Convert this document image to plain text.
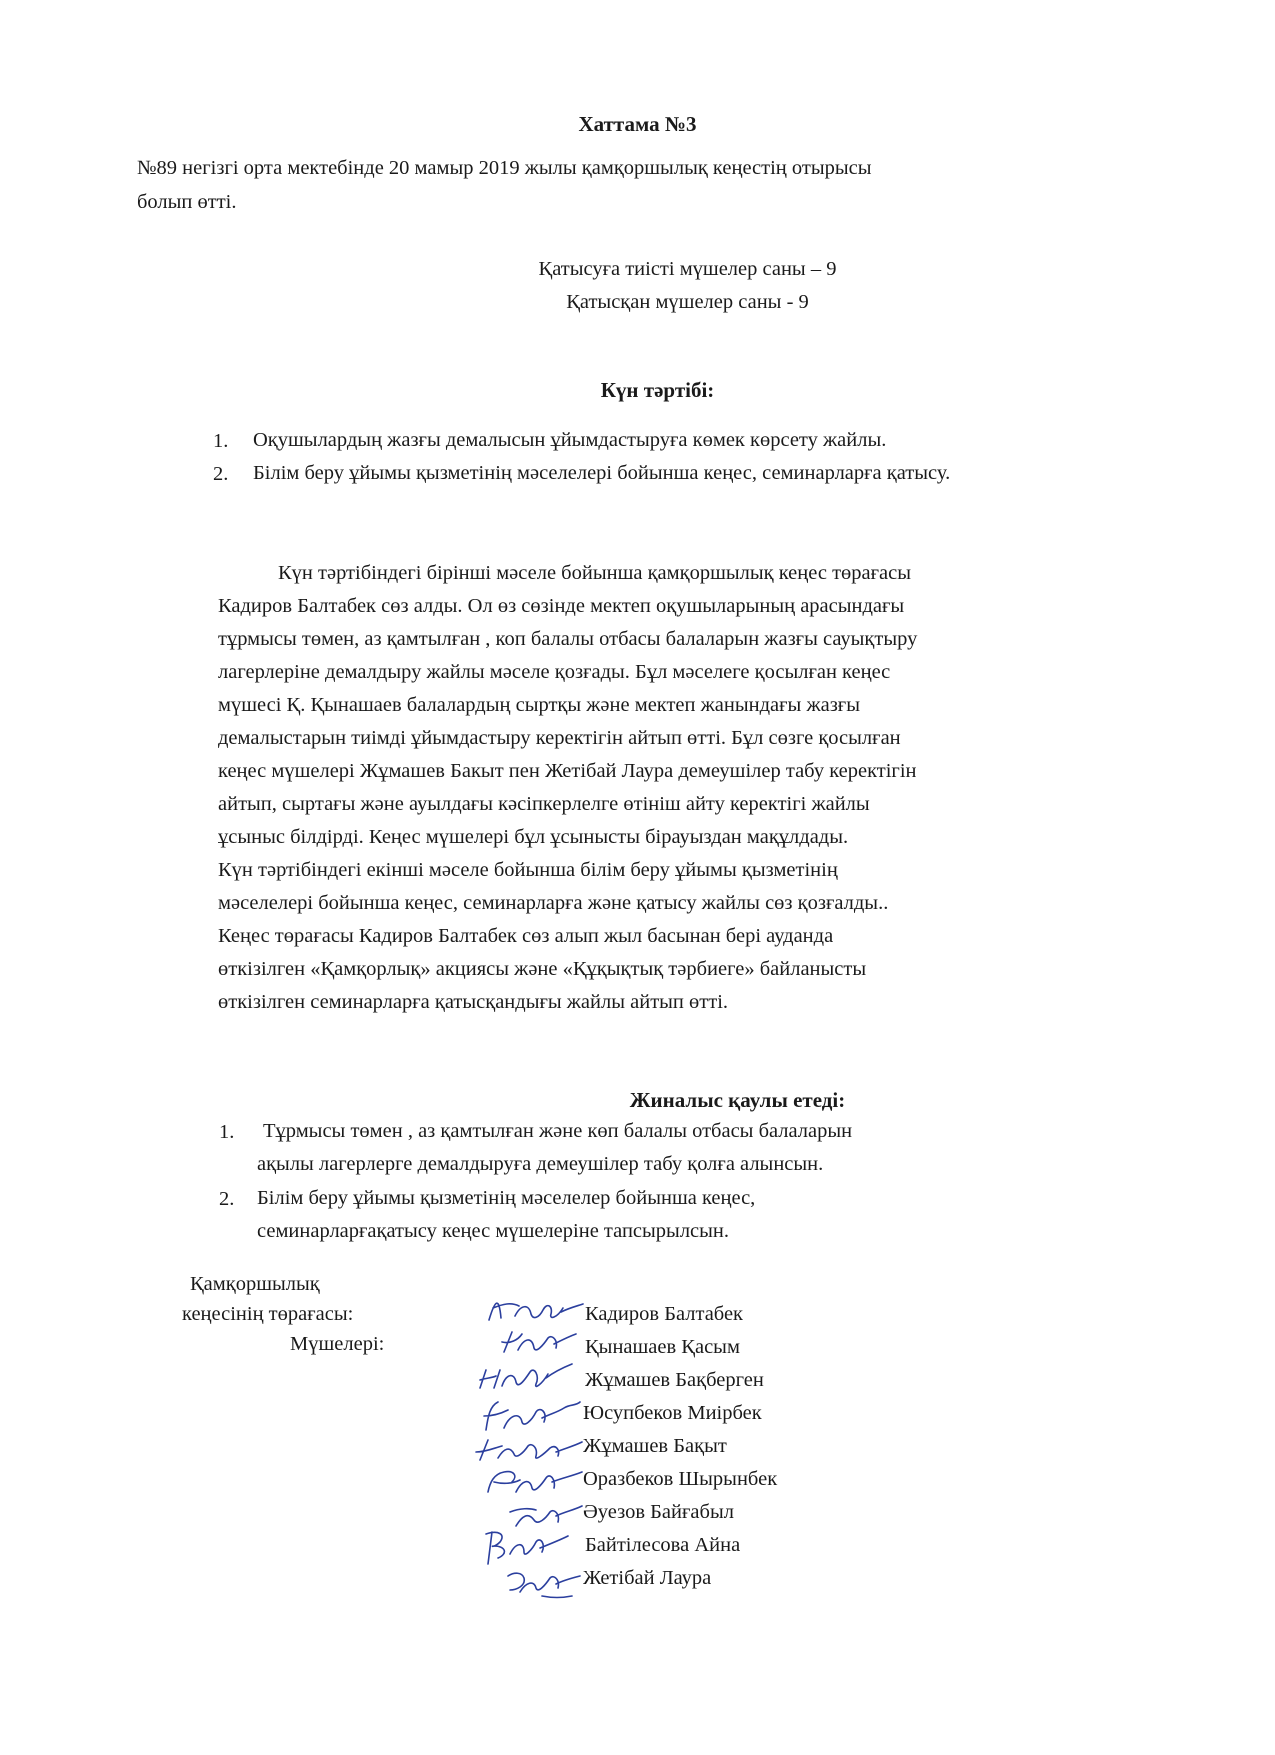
Хаттама №3
№89 негізгі орта мектебінде 20 мамыр 2019 жылы қамқоршылық кеңестің отырысы
болып өтті.
Қатысуға тиісті мүшелер саны – 9
Қатысқан мүшелер саны - 9
Күн тәртібі:
1. Оқушылардың жазғы демалысын ұйымдастыруға көмек көрсету жайлы.
2. Білім беру ұйымы қызметінің мәселелері бойынша кеңес, семинарларға қатысу.
Күн тәртібіндегі бірінші мәселе бойынша қамқоршылық кеңес төрағасы
Кадиров Балтабек сөз алды. Ол өз сөзінде мектеп оқушыларының арасындағы
тұрмысы төмен, аз қамтылған , коп балалы отбасы балаларын жазғы сауықтыру
лагерлеріне демалдыру жайлы мәселе қозғады. Бұл мәселеге қосылған кеңес
мүшесі Қ. Қынашаев балалардың сыртқы және мектеп жанындағы жазғы
демалыстарын тиімді ұйымдастыру керектігін айтып өтті. Бұл сөзге қосылған
кеңес мүшелері Жұмашев Бакыт пен Жетібай Лаура демеушілер табу керектігін
айтып, сыртағы және ауылдағы кәсіпкерлелге өтініш айту керектігі жайлы
ұсыныс білдірді. Кеңес мүшелері бұл ұсынысты бірауыздан мақұлдады.
Күн тәртібіндегі екінші мәселе бойынша білім беру ұйымы қызметінің
мәселелері бойынша кеңес, семинарларға және қатысу жайлы сөз қозғалды..
Кеңес төрағасы Кадиров Балтабек сөз алып жыл басынан бері ауданда
өткізілген «Қамқорлық» акциясы және «Құқықтық тәрбиеге» байланысты
өткізілген семинарларға қатысқандығы жайлы айтып өтті.
Жиналыс қаулы етеді:
1. Тұрмысы төмен , аз қамтылған және көп балалы отбасы балаларын
ақылы лагерлерге демалдыруға демеушілер табу қолға алынсын.
2. Білім беру ұйымы қызметінің мәселелер бойынша кеңес,
семинарларғақатысу кеңес мүшелеріне тапсырылсын.
Қамқоршылық
кеңесінің төрағасы:
Мүшелері:
Кадиров Балтабек
Қынашаев Қасым
Жұмашев Бақберген
Юсупбеков Миірбек
Жұмашев Бақыт
Оразбеков Шырынбек
Әуезов Байғабыл
Байтілесова Айна
Жетібай Лаура
